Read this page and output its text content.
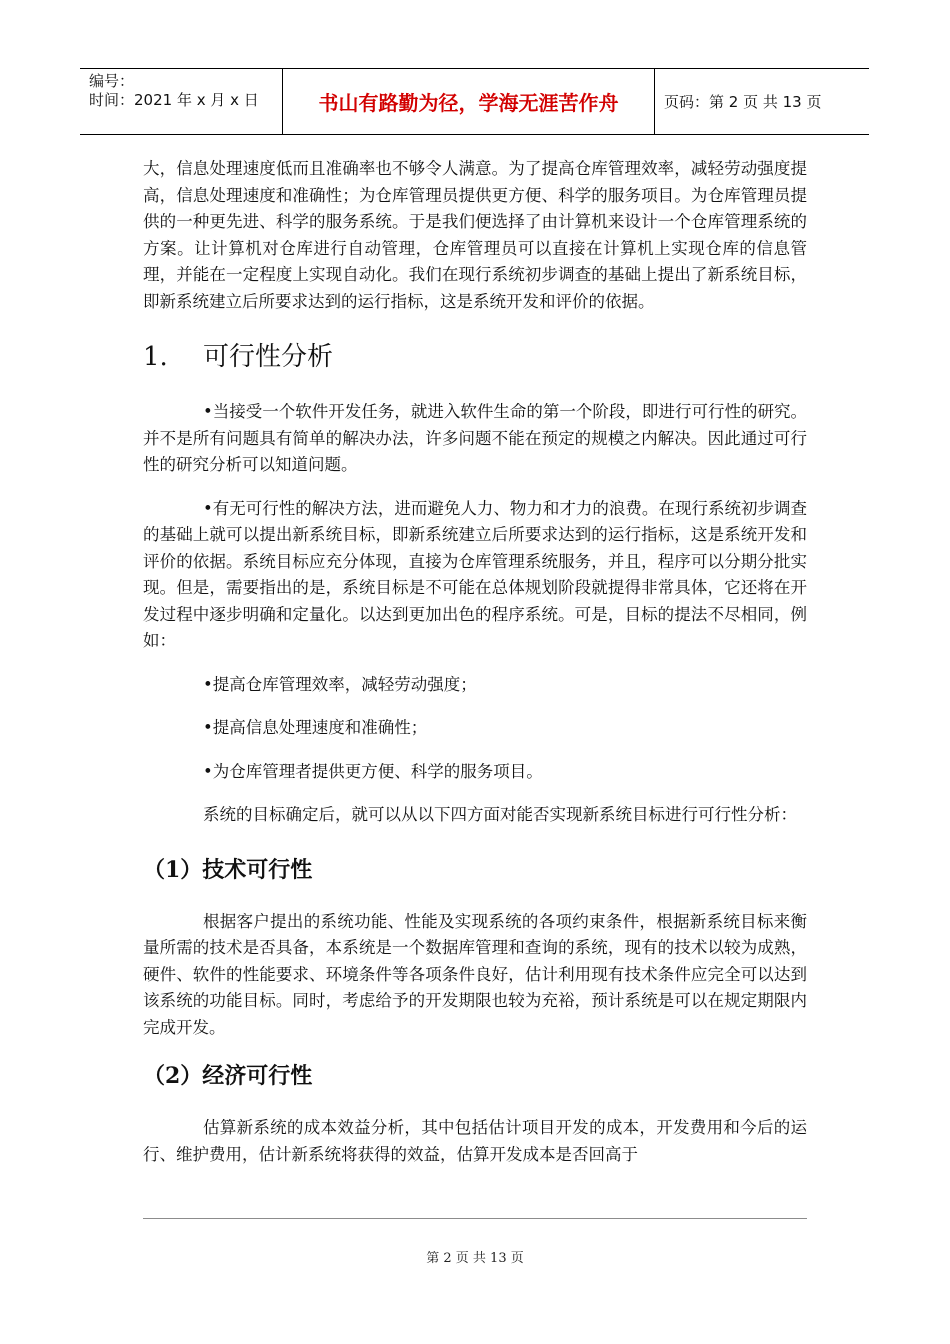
编号：
时间：2021 年 x 月 x 日	书山有路勤为径，学海无涯苦作舟	页码：第 2 页 共 13 页

大，信息处理速度低而且准确率也不够令人满意。为了提高仓库管理效率，减轻劳动强度提高，信息处理速度和准确性；为仓库管理员提供更方便、科学的服务项目。为仓库管理员提供的一种更先进、科学的服务系统。于是我们便选择了由计算机来设计一个仓库管理系统的方案。让计算机对仓库进行自动管理，仓库管理员可以直接在计算机上实现仓库的信息管理，并能在一定程度上实现自动化。我们在现行系统初步调查的基础上提出了新系统目标，即新系统建立后所要求达到的运行指标，这是系统开发和评价的依据。

1. 可行性分析

•当接受一个软件开发任务，就进入软件生命的第一个阶段，即进行可行性的研究。并不是所有问题具有简单的解决办法，许多问题不能在预定的规模之内解决。因此通过可行性的研究分析可以知道问题。

•有无可行性的解决方法，进而避免人力、物力和才力的浪费。在现行系统初步调查的基础上就可以提出新系统目标，即新系统建立后所要求达到的运行指标，这是系统开发和评价的依据。系统目标应充分体现，直接为仓库管理系统服务，并且，程序可以分期分批实现。但是，需要指出的是，系统目标是不可能在总体规划阶段就提得非常具体，它还将在开发过程中逐步明确和定量化。以达到更加出色的程序系统。可是，目标的提法不尽相同，例如：

•提高仓库管理效率，减轻劳动强度；

•提高信息处理速度和准确性；

•为仓库管理者提供更方便、科学的服务项目。

系统的目标确定后，就可以从以下四方面对能否实现新系统目标进行可行性分析：

（1）技术可行性

根据客户提出的系统功能、性能及实现系统的各项约束条件，根据新系统目标来衡量所需的技术是否具备，本系统是一个数据库管理和查询的系统，现有的技术以较为成熟，硬件、软件的性能要求、环境条件等各项条件良好，估计利用现有技术条件应完全可以达到该系统的功能目标。同时，考虑给予的开发期限也较为充裕，预计系统是可以在规定期限内完成开发。

（2）经济可行性

估算新系统的成本效益分析，其中包括估计项目开发的成本，开发费用和今后的运行、维护费用，估计新系统将获得的效益，估算开发成本是否回高于

第 2 页 共 13 页
